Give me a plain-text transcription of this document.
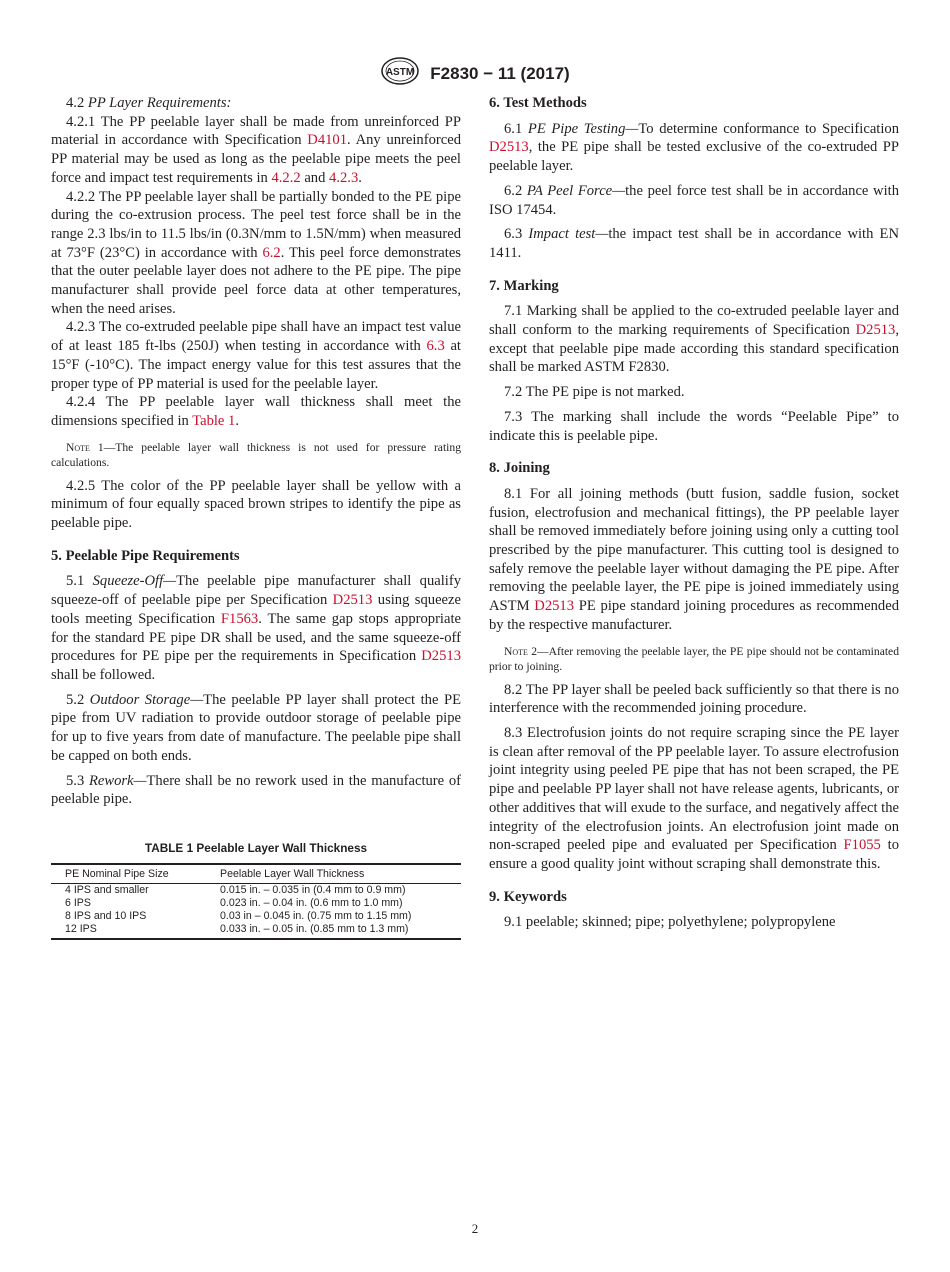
ASTM F2830 − 11 (2017)

4.2 PP Layer Requirements:

4.2.1 The PP peelable layer shall be made from unreinforced PP material in accordance with Specification D4101. Any unreinforced PP material may be used as long as the peelable pipe meets the peel force and impact test requirements in 4.2.2 and 4.2.3.

4.2.2 The PP peelable layer shall be partially bonded to the PE pipe during the co-extrusion process. The peel test force shall be in the range 2.3 lbs/in to 11.5 lbs/in (0.3N/mm to 1.5N/mm) when measured at 73°F (23°C) in accordance with 6.2. This peel force demonstrates that the outer peelable layer does not adhere to the PE pipe. The pipe manufacturer shall provide peel force data at other temperatures, when the need arises.

4.2.3 The co-extruded peelable pipe shall have an impact test value of at least 185 ft-lbs (250J) when testing in accordance with 6.3 at 15°F (-10°C). The impact energy value for this test assures that the proper type of PP material is used for the peelable layer.

4.2.4 The PP peelable layer wall thickness shall meet the dimensions specified in Table 1.

Note 1—The peelable layer wall thickness is not used for pressure rating calculations.

4.2.5 The color of the PP peelable layer shall be yellow with a minimum of four equally spaced brown stripes to identify the pipe as peelable pipe.

5. Peelable Pipe Requirements

5.1 Squeeze-Off—The peelable pipe manufacturer shall qualify squeeze-off of peelable pipe per Specification D2513 using squeeze tools meeting Specification F1563. The same gap stops appropriate for the standard PE pipe DR shall be used, and the same squeeze-off procedures for PE pipe per the requirements in Specification D2513 shall be followed.

5.2 Outdoor Storage—The peelable PP layer shall protect the PE pipe from UV radiation to provide outdoor storage of peelable pipe for up to five years from date of manufacture. The peelable pipe shall be capped on both ends.

5.3 Rework—There shall be no rework used in the manufacture of peelable pipe.

TABLE 1 Peelable Layer Wall Thickness
PE Nominal Pipe Size	Peelable Layer Wall Thickness
4 IPS and smaller	0.015 in. – 0.035 in (0.4 mm to 0.9 mm)
6 IPS	0.023 in. – 0.04 in. (0.6 mm to 1.0 mm)
8 IPS and 10 IPS	0.03 in – 0.045 in. (0.75 mm to 1.15 mm)
12 IPS	0.033 in. – 0.05 in. (0.85 mm to 1.3 mm)
6. Test Methods

6.1 PE Pipe Testing—To determine conformance to Specification D2513, the PE pipe shall be tested exclusive of the co-extruded PP peelable layer.

6.2 PA Peel Force—the peel force test shall be in accordance with ISO 17454.

6.3 Impact test—the impact test shall be in accordance with EN 1411.

7. Marking

7.1 Marking shall be applied to the co-extruded peelable layer and shall conform to the marking requirements of Specification D2513, except that peelable pipe made according this standard specification shall be marked ASTM F2830.

7.2 The PE pipe is not marked.

7.3 The marking shall include the words “Peelable Pipe” to indicate this is peelable pipe.

8. Joining

8.1 For all joining methods (butt fusion, saddle fusion, socket fusion, electrofusion and mechanical fittings), the PP peelable layer shall be removed immediately before joining using only a cutting tool prescribed by the pipe manufacturer. This cutting tool is designed to safely remove the peelable layer without damaging the PE pipe. After removing the peelable layer, the PE pipe is joined immediately using ASTM D2513 PE pipe standard joining procedures as recommended by the respective manufacturer.

Note 2—After removing the peelable layer, the PE pipe should not be contaminated prior to joining.

8.2 The PP layer shall be peeled back sufficiently so that there is no interference with the recommended joining procedure.

8.3 Electrofusion joints do not require scraping since the PE layer is clean after removal of the PP peelable layer. To assure electrofusion joint integrity using peeled PE pipe that has not been scraped, the PE pipe and peelable PP layer shall not have release agents, lubricants, or other additives that will exude to the surface, and negatively affect the integrity of the electrofusion joints. An electrofusion joint made on non-scraped peeled pipe and evaluated per Specification F1055 to ensure a good quality joint without scraping shall demonstrate this.

9. Keywords

9.1 peelable; skinned; pipe; polyethylene; polypropylene

2
